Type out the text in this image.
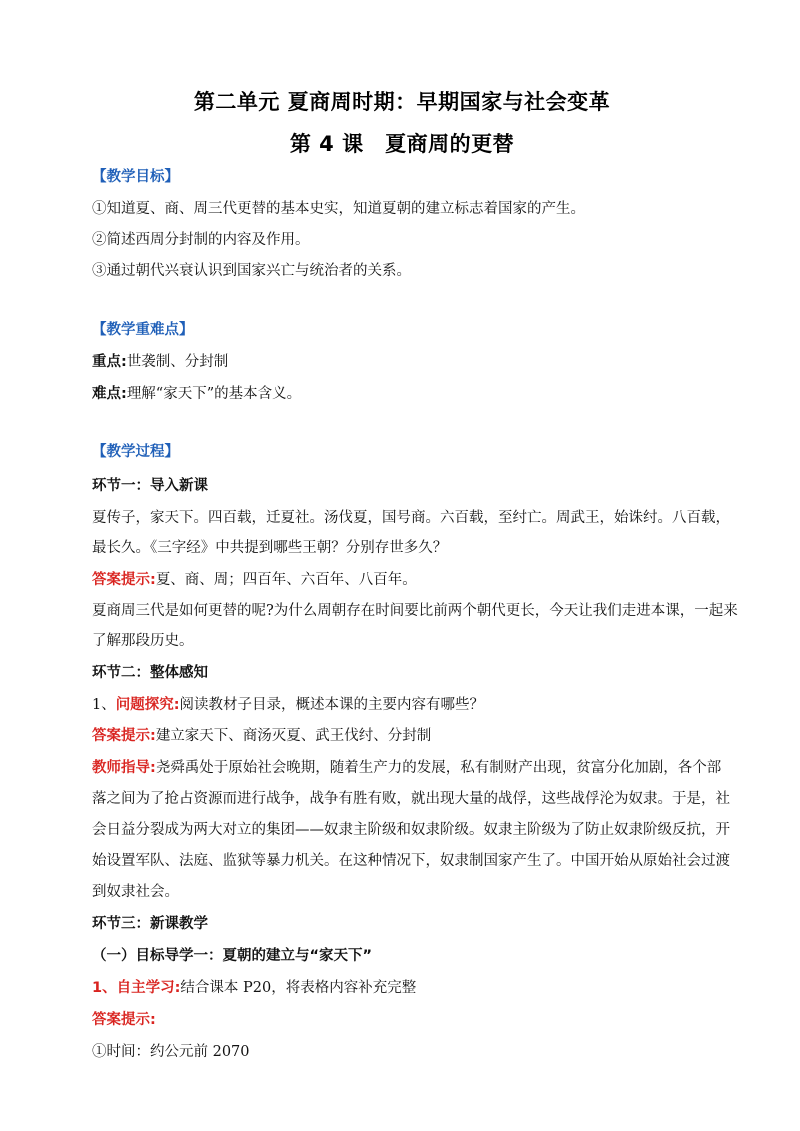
第二单元 夏商周时期：早期国家与社会变革
第 4 课　夏商周的更替
【教学目标】
①知道夏、商、周三代更替的基本史实，知道夏朝的建立标志着国家的产生。
②简述西周分封制的内容及作用。
③通过朝代兴衰认识到国家兴亡与统治者的关系。
【教学重难点】
重点:世袭制、分封制
难点:理解“家天下”的基本含义。
【教学过程】
环节一：导入新课
夏传子，家天下。四百载，迁夏社。汤伐夏，国号商。六百载，至纣亡。周武王，始诛纣。八百载，
最长久。《三字经》中共提到哪些王朝？分别存世多久？
答案提示:夏、商、周；四百年、六百年、八百年。
夏商周三代是如何更替的呢?为什么周朝存在时间要比前两个朝代更长，今天让我们走进本课，一起来
了解那段历史。
环节二：整体感知
1、问题探究:阅读教材子目录，概述本课的主要内容有哪些？
答案提示:建立家天下、商汤灭夏、武王伐纣、分封制
教师指导:尧舜禹处于原始社会晚期，随着生产力的发展，私有制财产出现，贫富分化加剧，各个部
落之间为了抢占资源而进行战争，战争有胜有败，就出现大量的战俘，这些战俘沦为奴隶。于是，社
会日益分裂成为两大对立的集团——奴隶主阶级和奴隶阶级。奴隶主阶级为了防止奴隶阶级反抗，开
始设置军队、法庭、监狱等暴力机关。在这种情况下，奴隶制国家产生了。中国开始从原始社会过渡
到奴隶社会。
环节三：新课教学
（一）目标导学一：夏朝的建立与“家天下”
1、自主学习:结合课本 P20，将表格内容补充完整
答案提示:
①时间：约公元前 2070
